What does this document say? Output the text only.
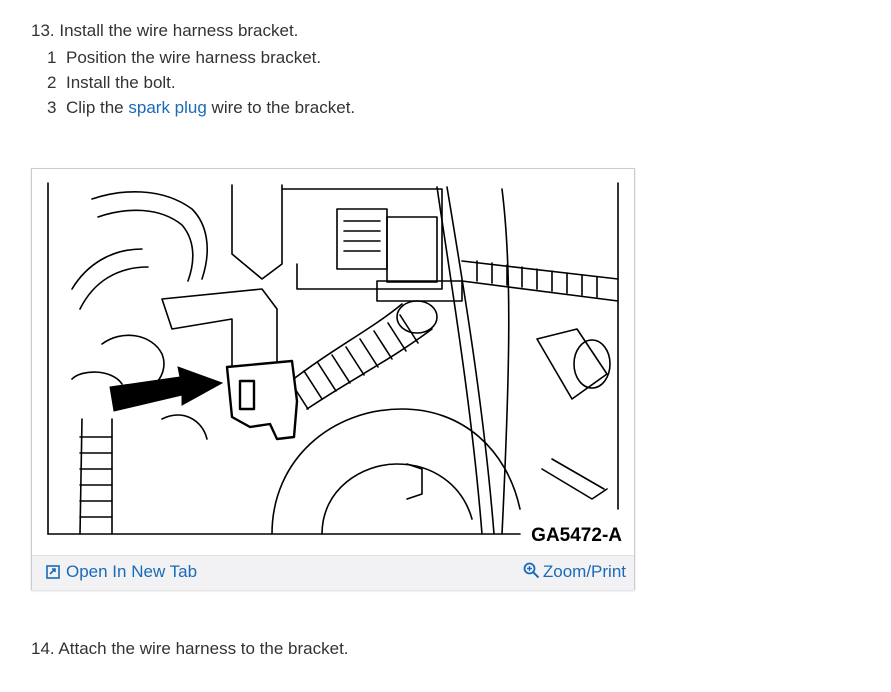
13. Install the wire harness bracket.
1 Position the wire harness bracket.
2 Install the bolt.
3 Clip the spark plug wire to the bracket.
Open In New Tab	Zoom/Print
GA5472-A
14. Attach the wire harness to the bracket.
